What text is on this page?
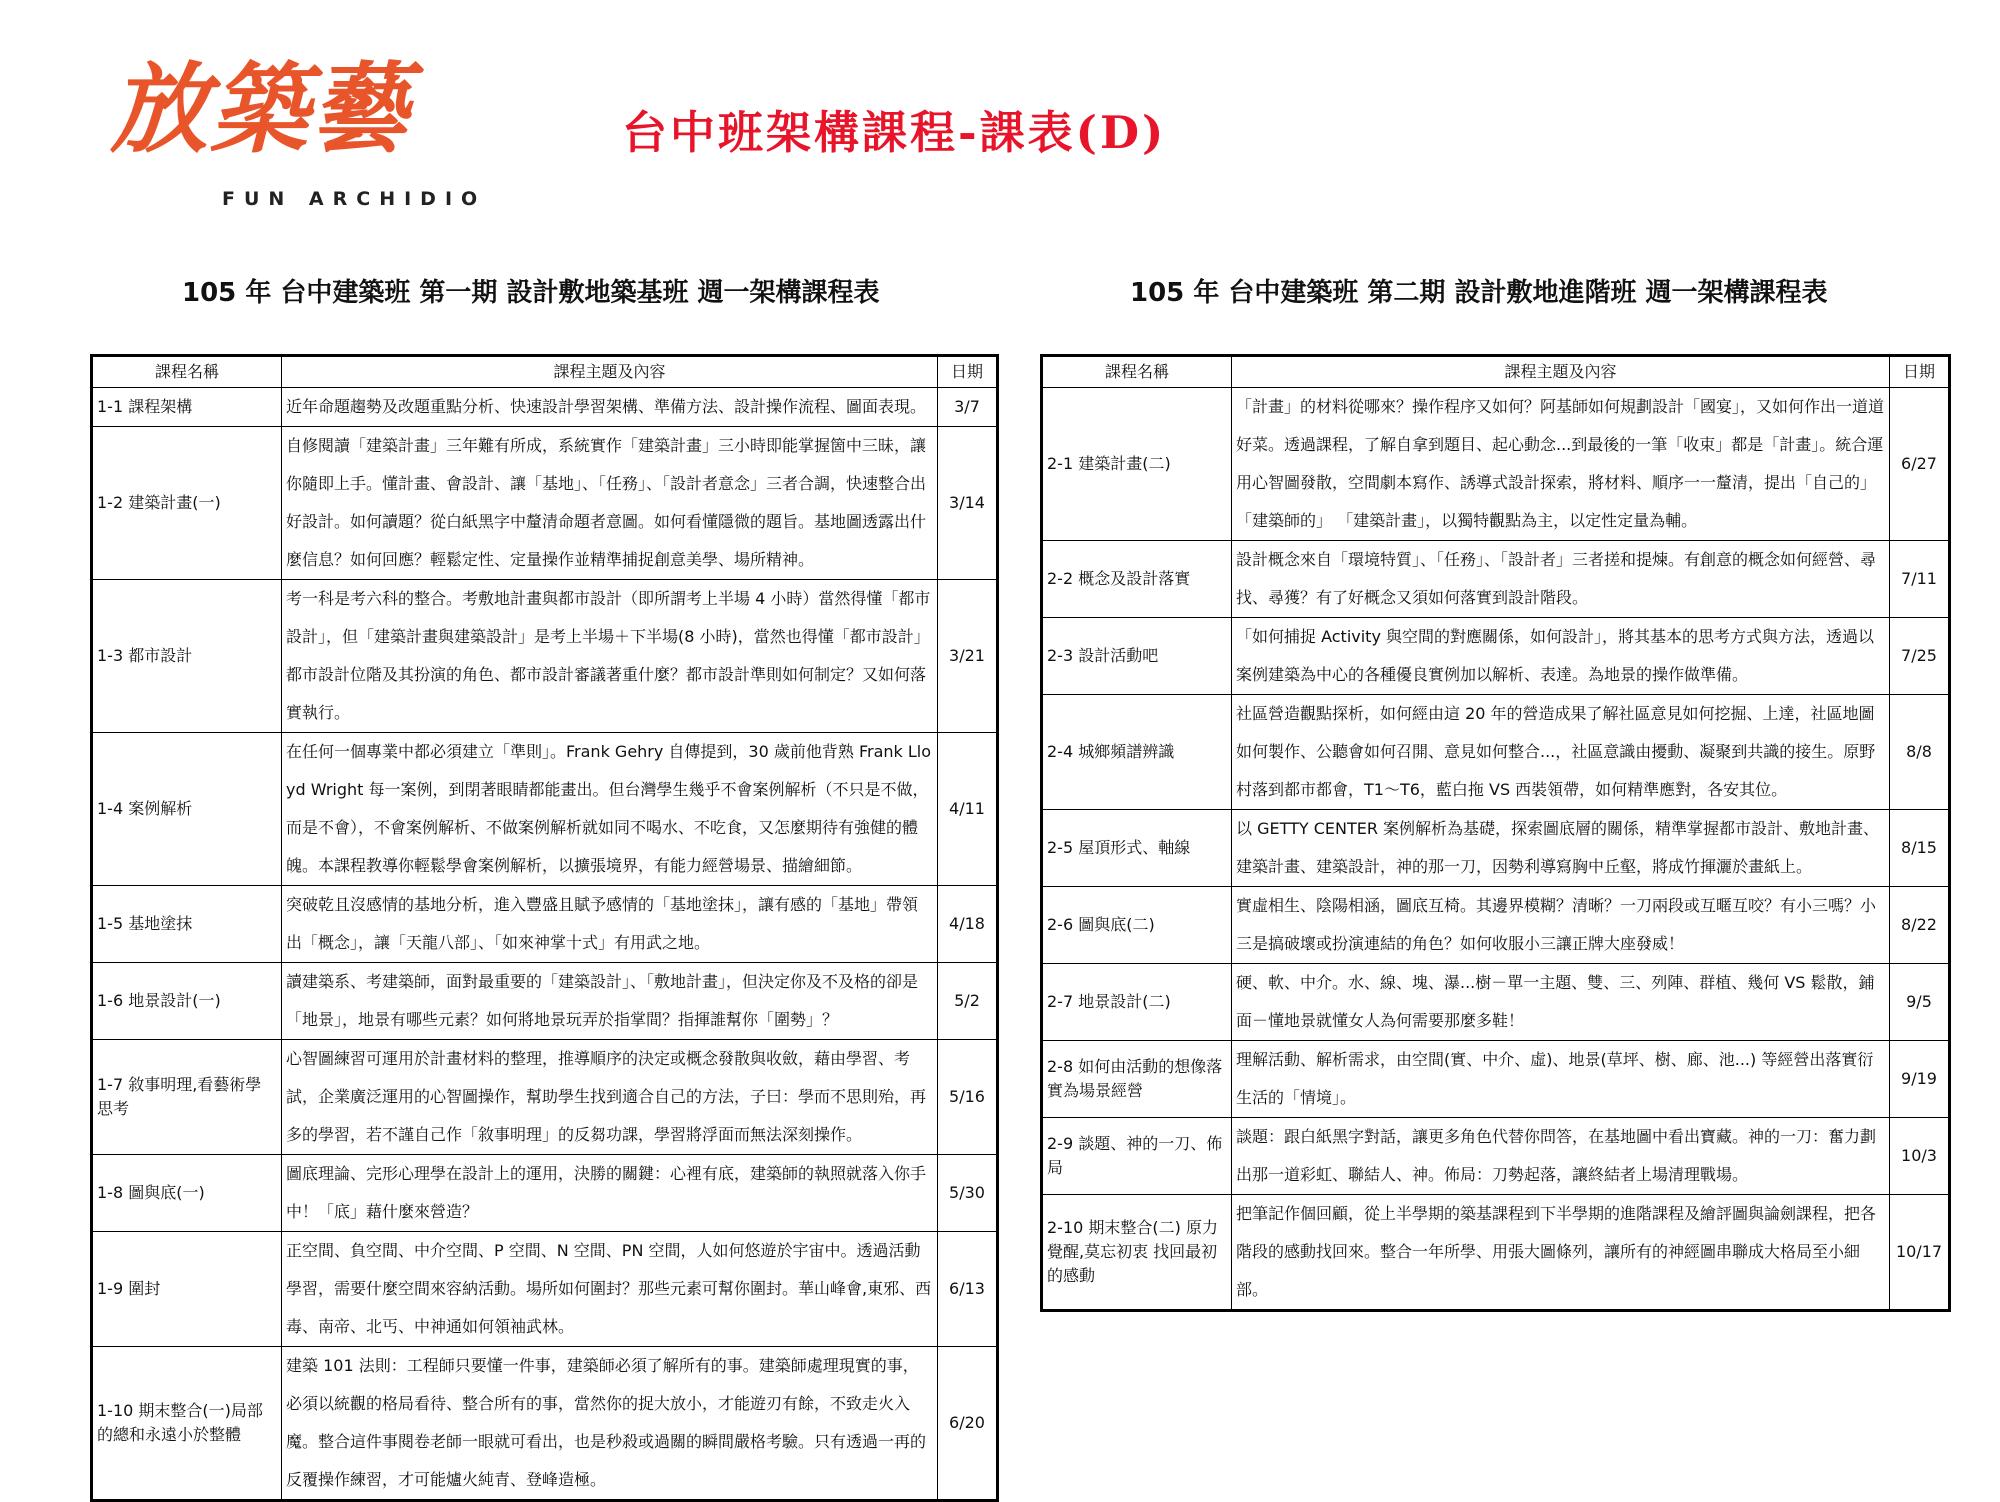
放築藝
FUN ARCHIDIO
台中班架構課程-課表(D)
105 年 台中建築班 第一期 設計敷地築基班 週一架構課程表	105 年 台中建築班 第二期 設計敷地進階班 週一架構課程表
課程名稱	課程主題及內容	日期
1-1 課程架構	近年命題趨勢及改題重點分析、快速設計學習架構、準備方法、設計操作流程、圖面表現。	3/7
1-2 建築計畫(一)	自修閱讀「建築計畫」三年難有所成，系統實作「建築計畫」三小時即能掌握箇中三昧，讓你隨即上手。懂計畫、會設計、讓「基地」、「任務」、「設計者意念」三者合調，快速整合出好設計。如何讀題？從白紙黑字中釐清命題者意圖。如何看懂隱微的題旨。基地圖透露出什麼信息？如何回應？輕鬆定性、定量操作並精準捕捉創意美學、場所精神。	3/14
1-3 都市設計	考一科是考六科的整合。考敷地計畫與都市設計（即所謂考上半場 4 小時）當然得懂「都市設計」，但「建築計畫與建築設計」是考上半場＋下半場(8 小時)，當然也得懂「都市設計」都市設計位階及其扮演的角色、都市設計審議著重什麼？都市設計準則如何制定？又如何落實執行。	3/21
1-4 案例解析	在任何一個專業中都必須建立「準則」。Frank Gehry 自傳提到，30 歲前他背熟 Frank Lloyd Wright 每一案例，到閉著眼睛都能畫出。但台灣學生幾乎不會案例解析（不只是不做，而是不會），不會案例解析、不做案例解析就如同不喝水、不吃食，又怎麼期待有強健的體魄。本課程教導你輕鬆學會案例解析，以擴張境界，有能力經營場景、描繪細節。	4/11
1-5 基地塗抹	突破乾且沒感情的基地分析，進入豐盛且賦予感情的「基地塗抹」，讓有感的「基地」帶領出「概念」，讓「天龍八部」、「如來神掌十式」有用武之地。	4/18
1-6 地景設計(一)	讀建築系、考建築師，面對最重要的「建築設計」、「敷地計畫」，但決定你及不及格的卻是「地景」，地景有哪些元素？如何將地景玩弄於指掌間？指揮誰幫你「圍勢」？	5/2
1-7 敘事明理,看藝術學思考	心智圖練習可運用於計畫材料的整理，推導順序的決定或概念發散與收斂，藉由學習、考試，企業廣泛運用的心智圖操作，幫助學生找到適合自己的方法，子曰：學而不思則殆，再多的學習，若不謹自己作「敘事明理」的反芻功課，學習將浮面而無法深刻操作。	5/16
1-8 圖與底(一)	圖底理論、完形心理學在設計上的運用，決勝的關鍵：心裡有底，建築師的執照就落入你手中！「底」藉什麼來營造？	5/30
1-9 圍封	正空間、負空間、中介空間、P 空間、N 空間、PN 空間，人如何悠遊於宇宙中。透過活動學習，需要什麼空間來容納活動。場所如何圍封？那些元素可幫你圍封。華山峰會,東邪、西毒、南帝、北丐、中神通如何領袖武林。	6/13
1-10 期末整合(一)局部的總和永遠小於整體	建築 101 法則：工程師只要懂一件事，建築師必須了解所有的事。建築師處理現實的事，必須以統觀的格局看待、整合所有的事，當然你的捉大放小，才能遊刃有餘，不致走火入魔。整合這件事閱卷老師一眼就可看出，也是秒殺或過關的瞬間嚴格考驗。只有透過一再的反覆操作練習，才可能爐火純青、登峰造極。	6/20
課程名稱	課程主題及內容	日期
2-1 建築計畫(二)	「計畫」的材料從哪來？操作程序又如何？阿基師如何規劃設計「國宴」，又如何作出一道道好菜。透過課程，了解自拿到題目、起心動念...到最後的一筆「收束」都是「計畫」。統合運用心智圖發散，空間劇本寫作、誘導式設計探索，將材料、順序一一釐清，提出「自己的」「建築師的」 「建築計畫」，以獨特觀點為主，以定性定量為輔。	6/27
2-2 概念及設計落實	設計概念來自「環境特質」、「任務」、「設計者」三者搓和提煉。有創意的概念如何經營、尋找、尋獲？有了好概念又須如何落實到設計階段。	7/11
2-3 設計活動吧	「如何捕捉 Activity 與空間的對應關係，如何設計」，將其基本的思考方式與方法，透過以案例建築為中心的各種優良實例加以解析、表達。為地景的操作做準備。	7/25
2-4 城鄉頻譜辨識	社區營造觀點探析，如何經由這 20 年的營造成果了解社區意見如何挖掘、上達，社區地圖如何製作、公聽會如何召開、意見如何整合...，社區意識由擾動、凝聚到共識的接生。原野村落到都市都會，T1～T6，藍白拖 VS 西裝領帶，如何精準應對，各安其位。	8/8
2-5 屋頂形式、軸線	以 GETTY CENTER 案例解析為基礎，探索圖底層的關係，精準掌握都市設計、敷地計畫、建築計畫、建築設計，神的那一刀，因勢利導寫胸中丘壑，將成竹揮灑於畫紙上。	8/15
2-6 圖與底(二)	實虛相生、陰陽相涵，圖底互椅。其邊界模糊？清晰？一刀兩段或互暱互咬？有小三嗎？小三是搞破壞或扮演連結的角色？如何收服小三讓正牌大座發威！	8/22
2-7 地景設計(二)	硬、軟、中介。水、線、塊、瀑...樹－單一主題、雙、三、列陣、群植、幾何 VS 鬆散，鋪面－懂地景就懂女人為何需要那麼多鞋！	9/5
2-8 如何由活動的想像落實為場景經營	理解活動、解析需求，由空間(實、中介、虛)、地景(草坪、樹、廊、池...) 等經營出落實衍生活的「情境」。	9/19
2-9 談題、神的一刀、佈局	談題：跟白紙黑字對話，讓更多角色代替你問答，在基地圖中看出寶藏。神的一刀：奮力劃出那一道彩虹、聯結人、神。佈局：刀勢起落，讓終結者上場清理戰場。	10/3
2-10 期末整合(二) 原力覺醒,莫忘初衷 找回最初的感動	把筆記作個回顧，從上半學期的築基課程到下半學期的進階課程及繪評圖與論劍課程，把各階段的感動找回來。整合一年所學、用張大圖條列，讓所有的神經圖串聯成大格局至小細部。	10/17
